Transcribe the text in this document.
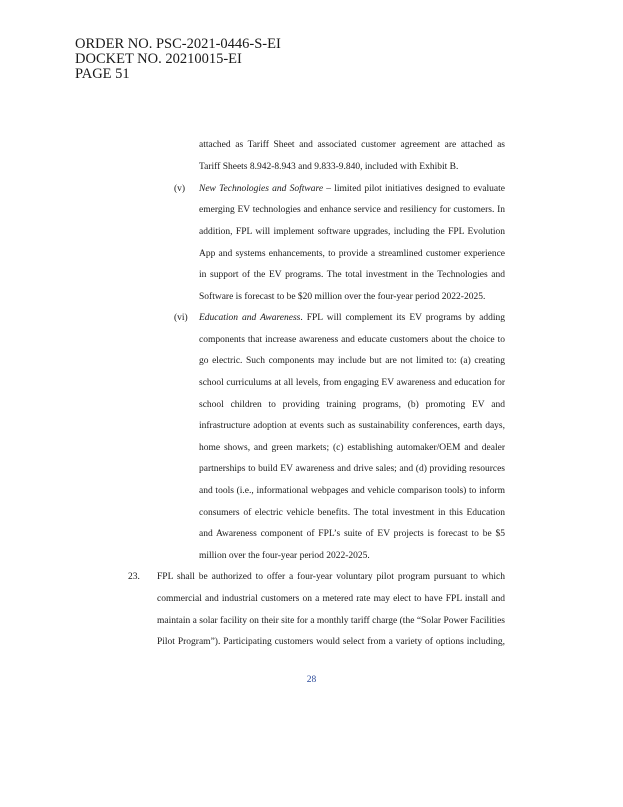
ORDER NO. PSC-2021-0446-S-EI
DOCKET NO. 20210015-EI
PAGE 51
attached as Tariff Sheet and associated customer agreement are attached as
Tariff Sheets 8.942-8.943 and 9.833-9.840, included with Exhibit B.
(v) New Technologies and Software – limited pilot initiatives designed to evaluate
emerging EV technologies and enhance service and resiliency for customers. In
addition, FPL will implement software upgrades, including the FPL Evolution
App and systems enhancements, to provide a streamlined customer experience
in support of the EV programs. The total investment in the Technologies and
Software is forecast to be $20 million over the four-year period 2022-2025.
(vi) Education and Awareness. FPL will complement its EV programs by adding
components that increase awareness and educate customers about the choice to
go electric. Such components may include but are not limited to: (a) creating
school curriculums at all levels, from engaging EV awareness and education for
school children to providing training programs, (b) promoting EV and
infrastructure adoption at events such as sustainability conferences, earth days,
home shows, and green markets; (c) establishing automaker/OEM and dealer
partnerships to build EV awareness and drive sales; and (d) providing resources
and tools (i.e., informational webpages and vehicle comparison tools) to inform
consumers of electric vehicle benefits. The total investment in this Education
and Awareness component of FPL’s suite of EV projects is forecast to be $5
million over the four-year period 2022-2025.
23. FPL shall be authorized to offer a four-year voluntary pilot program pursuant to which
commercial and industrial customers on a metered rate may elect to have FPL install and
maintain a solar facility on their site for a monthly tariff charge (the “Solar Power Facilities
Pilot Program”). Participating customers would select from a variety of options including,
28
